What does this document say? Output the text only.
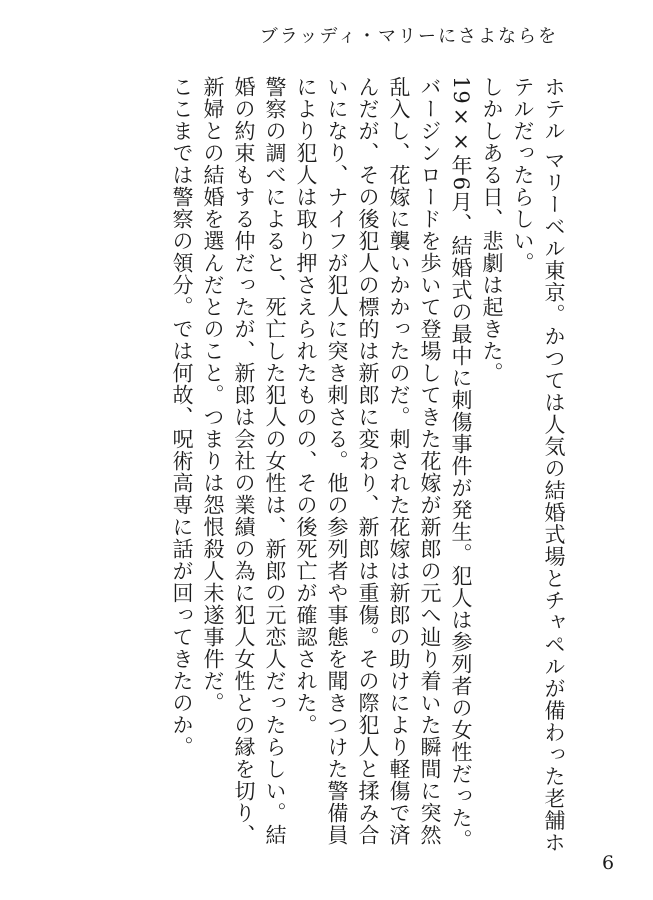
ブラッディ・マリーにさよならを

ホテル マリーベル東京。かつては人気の結婚式場とチャペルが備わった老舗ホテルだったらしい。

しかしある日、悲劇は起きた。

19××年6月、結婚式の最中に刺傷事件が発生。犯人は参列者の女性だった。バージンロードを歩いて登場してきた花嫁が新郎の元へ辿り着いた瞬間に突然乱入し、花嫁に襲いかかったのだ。刺された花嫁は新郎の助けにより軽傷で済んだが、その後犯人の標的は新郎に変わり、新郎は重傷。その際犯人と揉み合いになり、ナイフが犯人に突き刺さる。他の参列者や事態を聞きつけた警備員により犯人は取り押さえられたものの、その後死亡が確認された。

警察の調べによると、死亡した犯人の女性は、新郎の元恋人だったらしい。結婚の約束もする仲だったが、新郎は会社の業績の為に犯人女性との縁を切り、新婦との結婚を選んだとのこと。つまりは怨恨殺人未遂事件だ。

ここまでは警察の領分。では何故、呪術高専に話が回ってきたのか。

6
